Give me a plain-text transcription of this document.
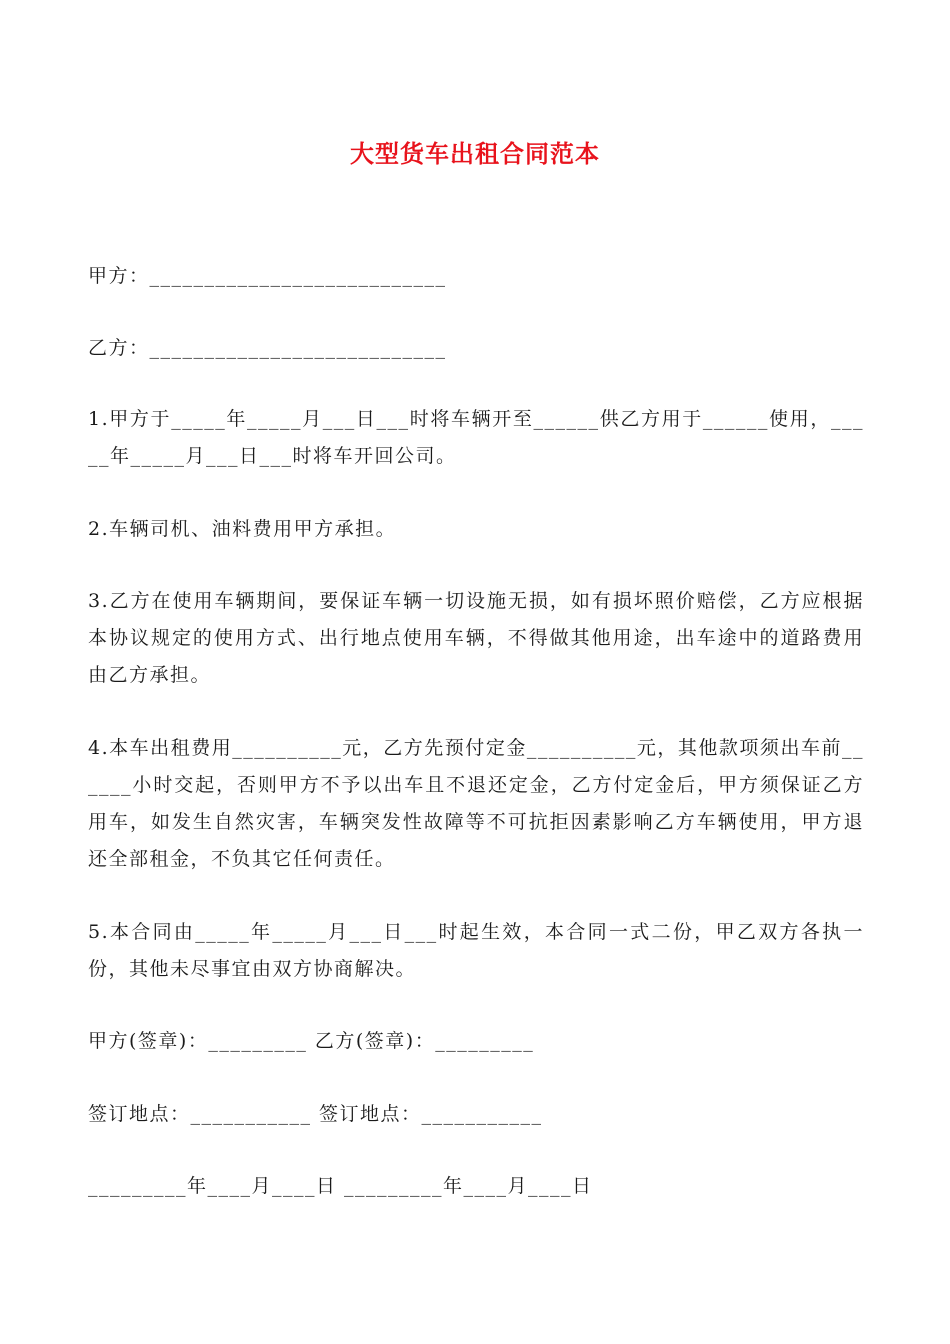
大型货车出租合同范本
甲方：___________________________
乙方：___________________________
1.甲方于_____年_____月___日___时将车辆开至______供乙方用于______使用，_____年_____月___日___时将车开回公司。
2.车辆司机、油料费用甲方承担。
3.乙方在使用车辆期间，要保证车辆一切设施无损，如有损坏照价赔偿，乙方应根据本协议规定的使用方式、出行地点使用车辆，不得做其他用途，出车途中的道路费用由乙方承担。
4.本车出租费用__________元，乙方先预付定金__________元，其他款项须出车前______小时交起，否则甲方不予以出车且不退还定金，乙方付定金后，甲方须保证乙方用车，如发生自然灾害，车辆突发性故障等不可抗拒因素影响乙方车辆使用，甲方退还全部租金，不负其它任何责任。
5.本合同由_____年_____月___日___时起生效，本合同一式二份，甲乙双方各执一份，其他未尽事宜由双方协商解决。
甲方(签章)：_________ 乙方(签章)：_________
签订地点：___________ 签订地点：___________
_________年____月____日 _________年____月____日
